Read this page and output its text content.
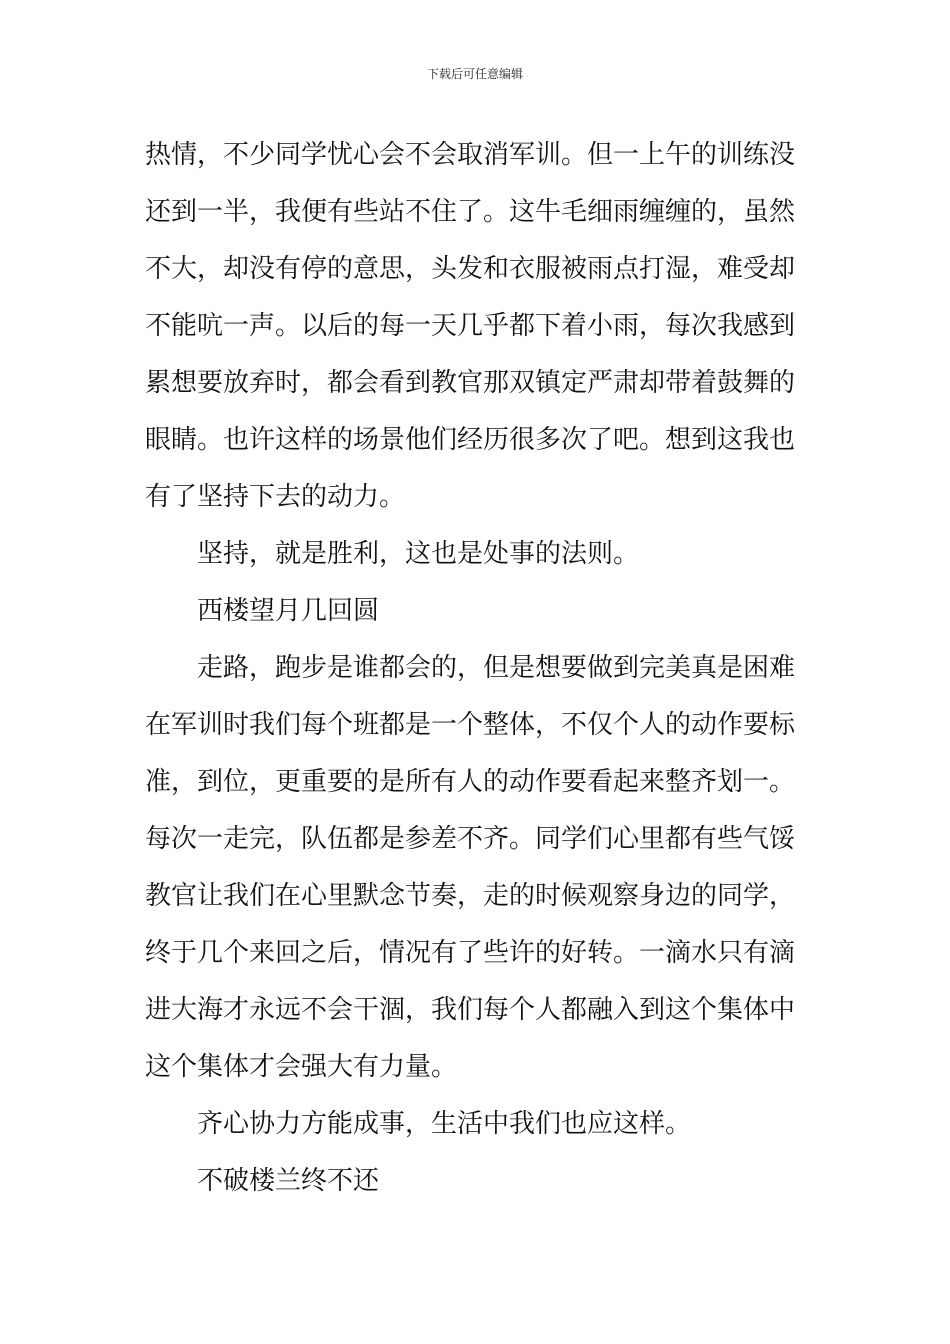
下载后可任意编辑
热情，不少同学忧心会不会取消军训。但一上午的训练没
还到一半，我便有些站不住了。这牛毛细雨缠缠的，虽然
不大，却没有停的意思，头发和衣服被雨点打湿，难受却
不能吭一声。以后的每一天几乎都下着小雨，每次我感到
累想要放弃时，都会看到教官那双镇定严肃却带着鼓舞的
眼睛。也许这样的场景他们经历很多次了吧。想到这我也
有了坚持下去的动力。
坚持，就是胜利，这也是处事的法则。
西楼望月几回圆
走路，跑步是谁都会的，但是想要做到完美真是困难
在军训时我们每个班都是一个整体，不仅个人的动作要标
准，到位，更重要的是所有人的动作要看起来整齐划一。
每次一走完，队伍都是参差不齐。同学们心里都有些气馁
教官让我们在心里默念节奏，走的时候观察身边的同学，
终于几个来回之后，情况有了些许的好转。一滴水只有滴
进大海才永远不会干涸，我们每个人都融入到这个集体中
这个集体才会强大有力量。
齐心协力方能成事，生活中我们也应这样。
不破楼兰终不还
